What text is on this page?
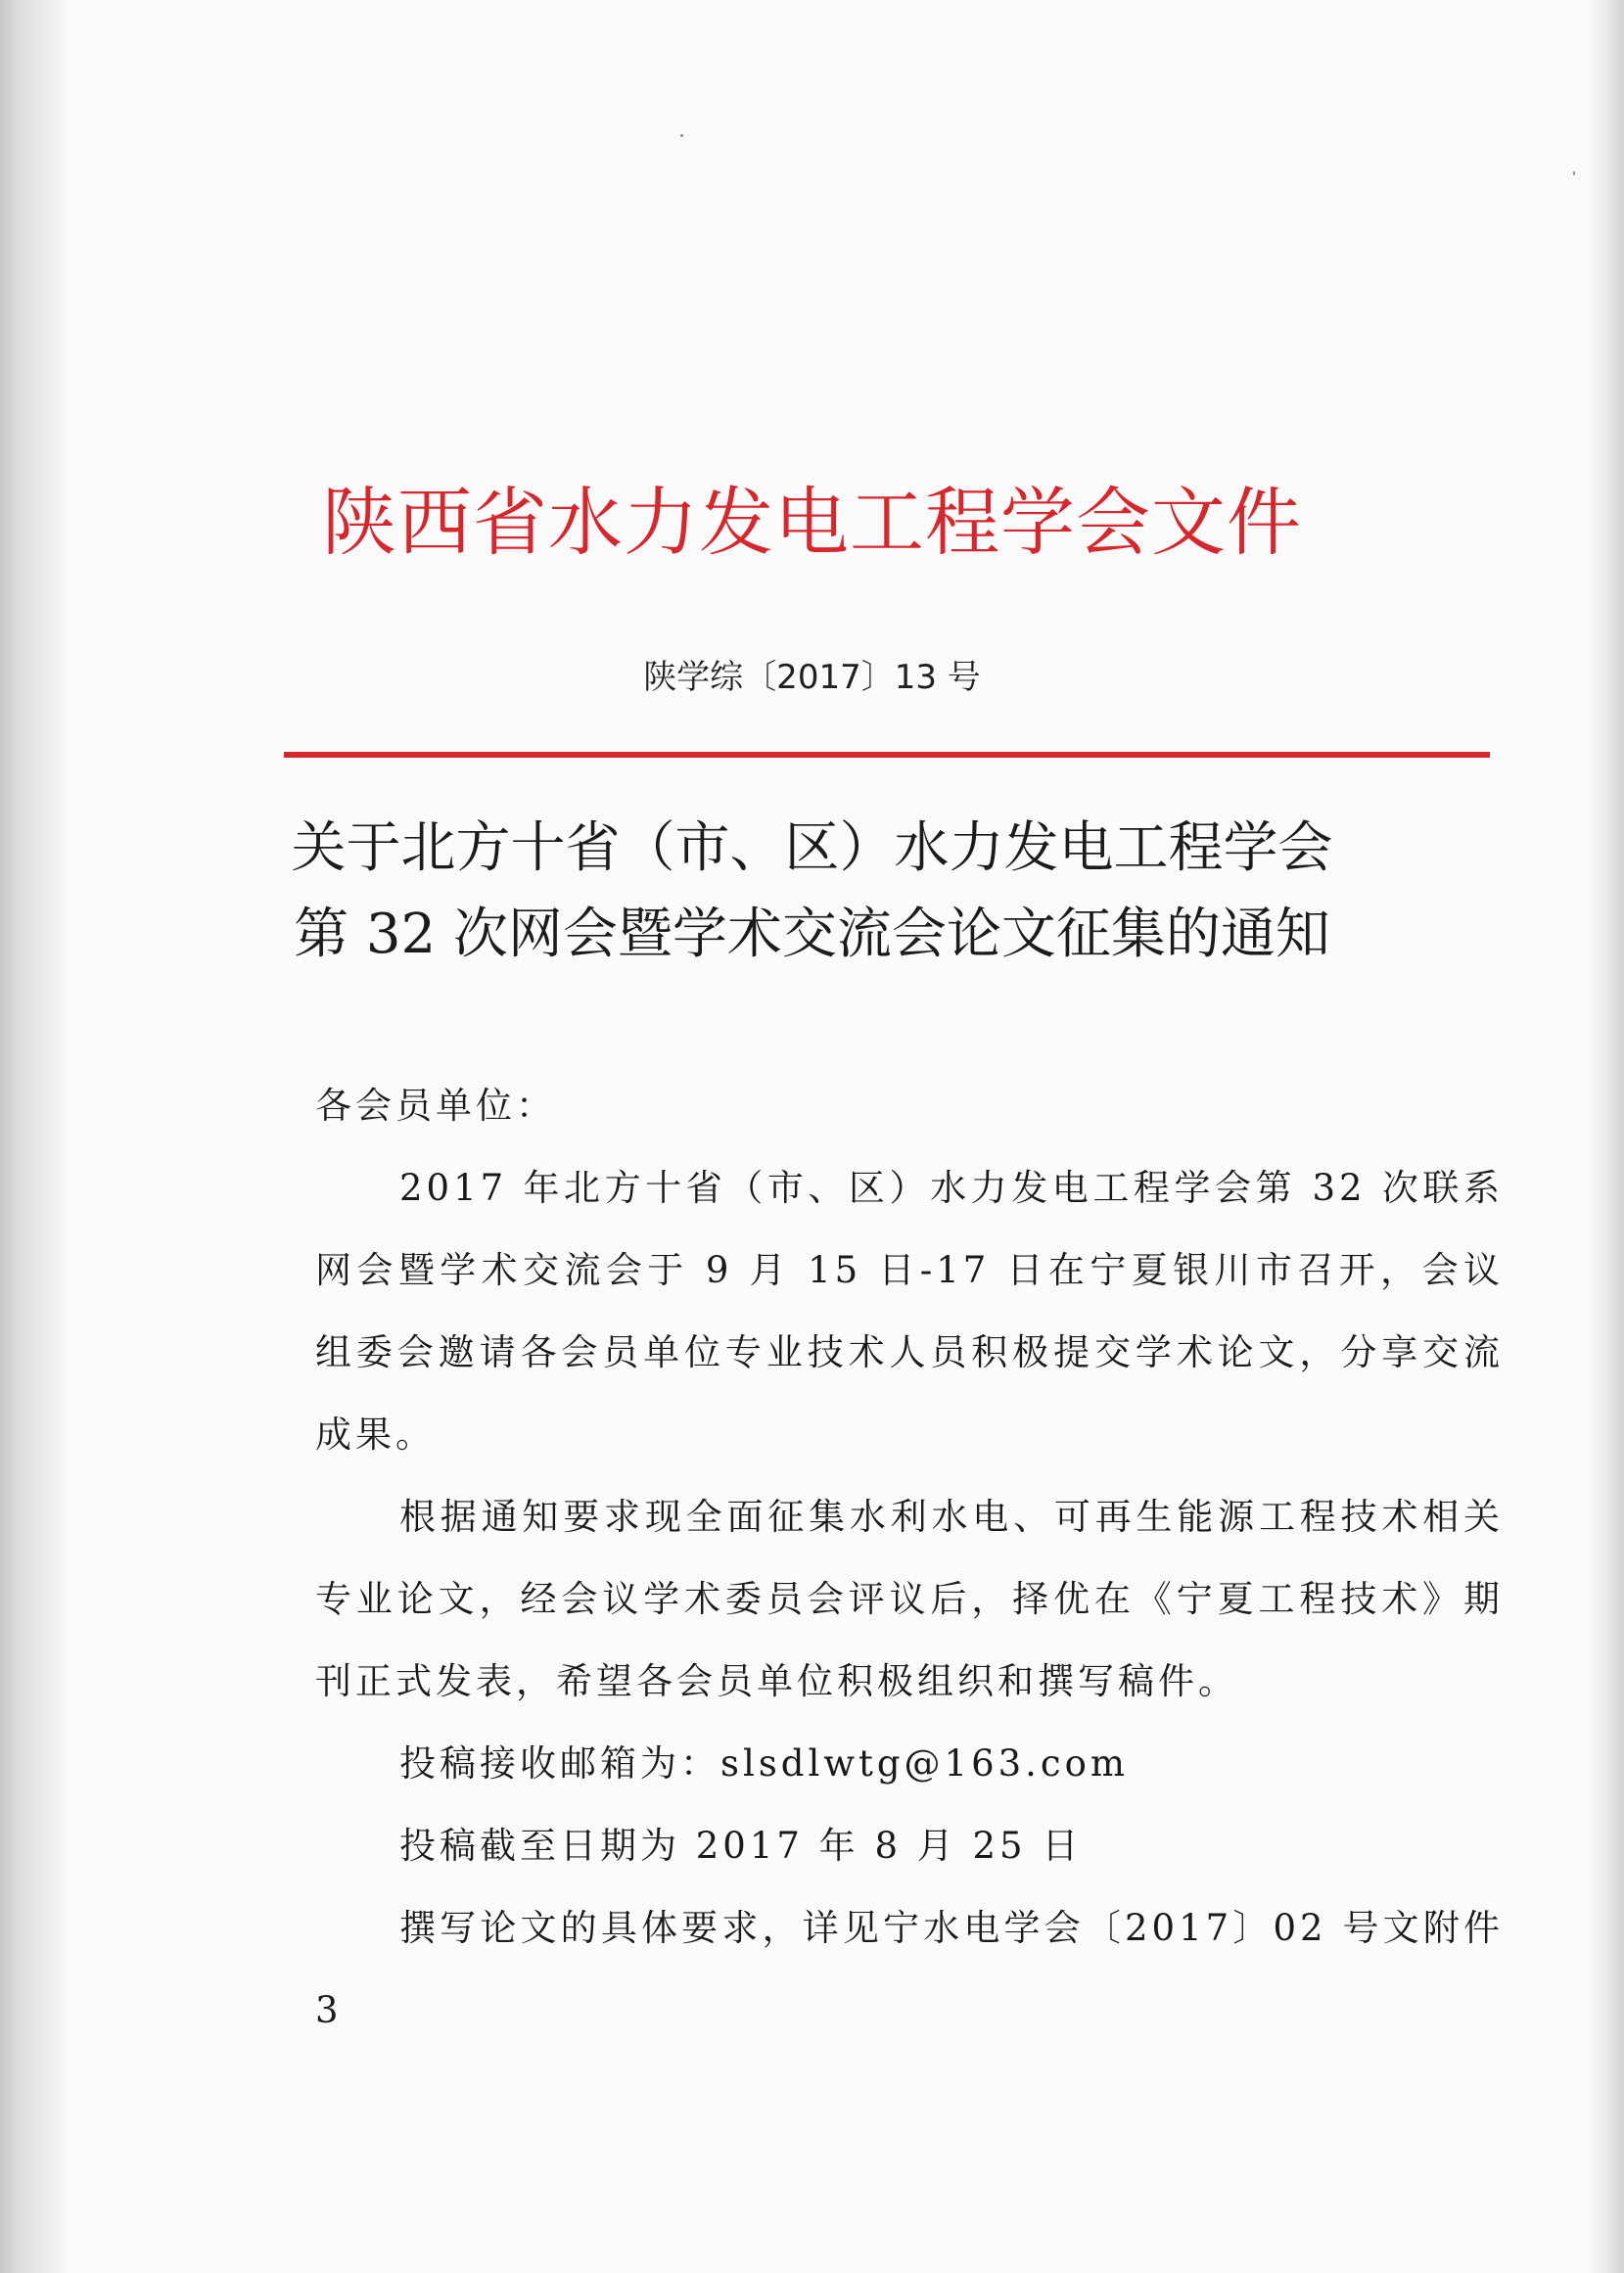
陕西省水力发电工程学会文件
陕学综〔2017〕13 号
关于北方十省（市、区）水力发电工程学会
第 32 次网会暨学术交流会论文征集的通知

各会员单位：

2017 年北方十省（市、区）水力发电工程学会第 32 次联系网会暨学术交流会于 9 月 15 日-17 日在宁夏银川市召开，会议组委会邀请各会员单位专业技术人员积极提交学术论文，分享交流成果。

根据通知要求现全面征集水利水电、可再生能源工程技术相关专业论文，经会议学术委员会评议后，择优在《宁夏工程技术》期刊正式发表，希望各会员单位积极组织和撰写稿件。

投稿接收邮箱为：slsdlwtg@163.com

投稿截至日期为 2017 年 8 月 25 日

撰写论文的具体要求，详见宁水电学会〔2017〕02 号文附件 3
